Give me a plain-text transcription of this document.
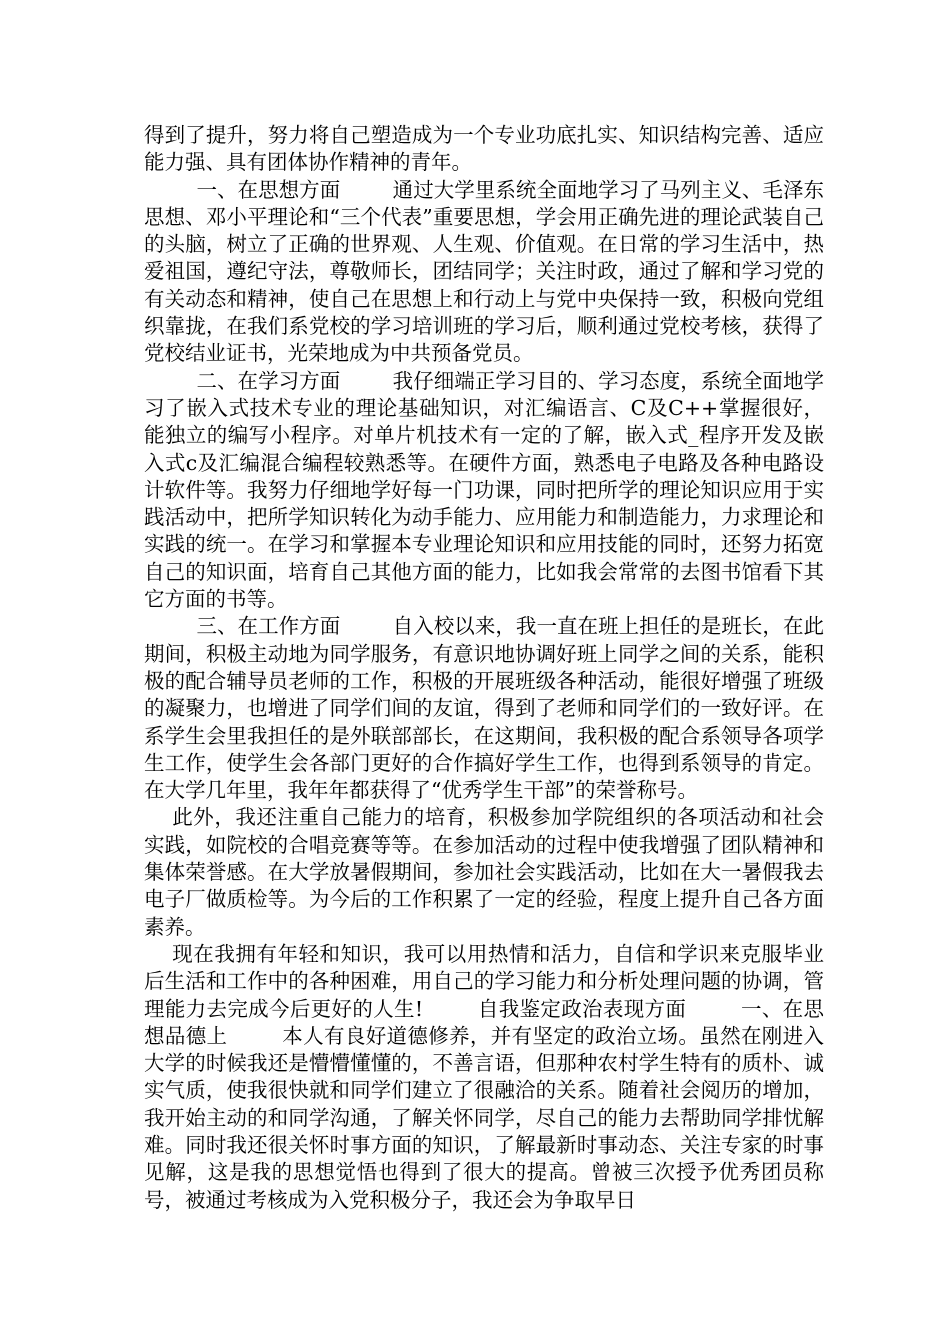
得到了提升，努力将自己塑造成为一个专业功底扎实、知识结构完善、适应能力强、具有团体协作精神的青年。

一、在思想方面        通过大学里系统全面地学习了马列主义、毛泽东思想、邓小平理论和“三个代表”重要思想，学会用正确先进的理论武装自己的头脑，树立了正确的世界观、人生观、价值观。在日常的学习生活中，热爱祖国，遵纪守法，尊敬师长，团结同学；关注时政，通过了解和学习党的有关动态和精神，使自己在思想上和行动上与党中央保持一致，积极向党组织靠拢，在我们系党校的学习培训班的学习后，顺利通过党校考核，获得了党校结业证书，光荣地成为中共预备党员。

二、在学习方面        我仔细端正学习目的、学习态度，系统全面地学习了嵌入式技术专业的理论基础知识，对汇编语言、C及C++掌握很好，能独立的编写小程序。对单片机技术有一定的了解，嵌入式_程序开发及嵌入式c及汇编混合编程较熟悉等。在硬件方面，熟悉电子电路及各种电路设计软件等。我努力仔细地学好每一门功课，同时把所学的理论知识应用于实践活动中，把所学知识转化为动手能力、应用能力和制造能力，力求理论和实践的统一。在学习和掌握本专业理论知识和应用技能的同时，还努力拓宽自己的知识面，培育自己其他方面的能力，比如我会常常的去图书馆看下其它方面的书等。

三、在工作方面        自入校以来，我一直在班上担任的是班长，在此期间，积极主动地为同学服务，有意识地协调好班上同学之间的关系，能积极的配合辅导员老师的工作，积极的开展班级各种活动，能很好增强了班级的凝聚力，也增进了同学们间的友谊，得到了老师和同学们的一致好评。在系学生会里我担任的是外联部部长，在这期间，我积极的配合系领导各项学生工作，使学生会各部门更好的合作搞好学生工作，也得到系领导的肯定。在大学几年里，我年年都获得了“优秀学生干部”的荣誉称号。

此外，我还注重自己能力的培育，积极参加学院组织的各项活动和社会实践，如院校的合唱竞赛等等。在参加活动的过程中使我增强了团队精神和集体荣誉感。在大学放暑假期间，参加社会实践活动，比如在大一暑假我去电子厂做质检等。为今后的工作积累了一定的经验，程度上提升自己各方面素养。

现在我拥有年轻和知识，我可以用热情和活力，自信和学识来克服毕业后生活和工作中的各种困难，用自己的学习能力和分析处理问题的协调，管理能力去完成今后更好的人生!        自我鉴定政治表现方面        一、在思想品德上        本人有良好道德修养，并有坚定的政治立场。虽然在刚进入大学的时候我还是懵懵懂懂的，不善言语，但那种农村学生特有的质朴、诚实气质，使我很快就和同学们建立了很融洽的关系。随着社会阅历的增加，我开始主动的和同学沟通，了解关怀同学，尽自己的能力去帮助同学排忧解难。同时我还很关怀时事方面的知识，了解最新时事动态、关注专家的时事见解，这是我的思想觉悟也得到了很大的提高。曾被三次授予优秀团员称号，被通过考核成为入党积极分子，我还会为争取早日
